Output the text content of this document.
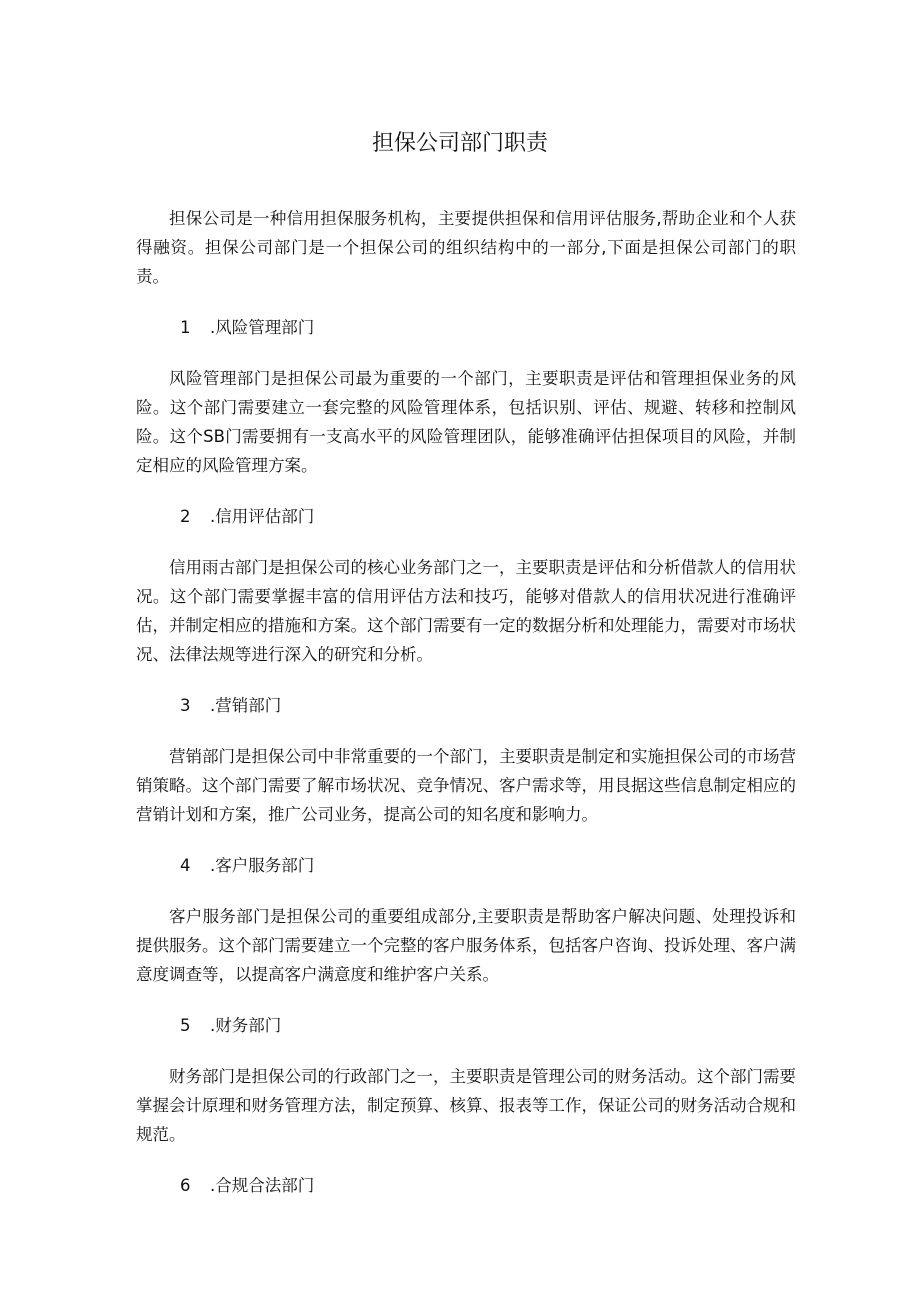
担保公司部门职责

担保公司是一种信用担保服务机构，主要提供担保和信用评估服务,帮助企业和个人获得融资。担保公司部门是一个担保公司的组织结构中的一部分,下面是担保公司部门的职责。

1 .风险管理部门

风险管理部门是担保公司最为重要的一个部门，主要职责是评估和管理担保业务的风险。这个部门需要建立一套完整的风险管理体系，包括识别、评估、规避、转移和控制风险。这个SB门需要拥有一支高水平的风险管理团队，能够准确评估担保项目的风险，并制定相应的风险管理方案。

2 .信用评估部门

信用雨古部门是担保公司的核心业务部门之一，主要职责是评估和分析借款人的信用状况。这个部门需要掌握丰富的信用评估方法和技巧，能够对借款人的信用状况进行准确评估，并制定相应的措施和方案。这个部门需要有一定的数据分析和处理能力，需要对市场状况、法律法规等进行深入的研究和分析。

3 .营销部门

营销部门是担保公司中非常重要的一个部门，主要职责是制定和实施担保公司的市场营销策略。这个部门需要了解市场状况、竞争情况、客户需求等，用艮据这些信息制定相应的营销计划和方案，推广公司业务，提高公司的知名度和影响力。

4 .客户服务部门

客户服务部门是担保公司的重要组成部分,主要职责是帮助客户解决问题、处理投诉和提供服务。这个部门需要建立一个完整的客户服务体系，包括客户咨询、投诉处理、客户满意度调查等，以提高客户满意度和维护客户关系。

5 .财务部门

财务部门是担保公司的行政部门之一，主要职责是管理公司的财务活动。这个部门需要掌握会计原理和财务管理方法，制定预算、核算、报表等工作，保证公司的财务活动合规和规范。

6 .合规合法部门
